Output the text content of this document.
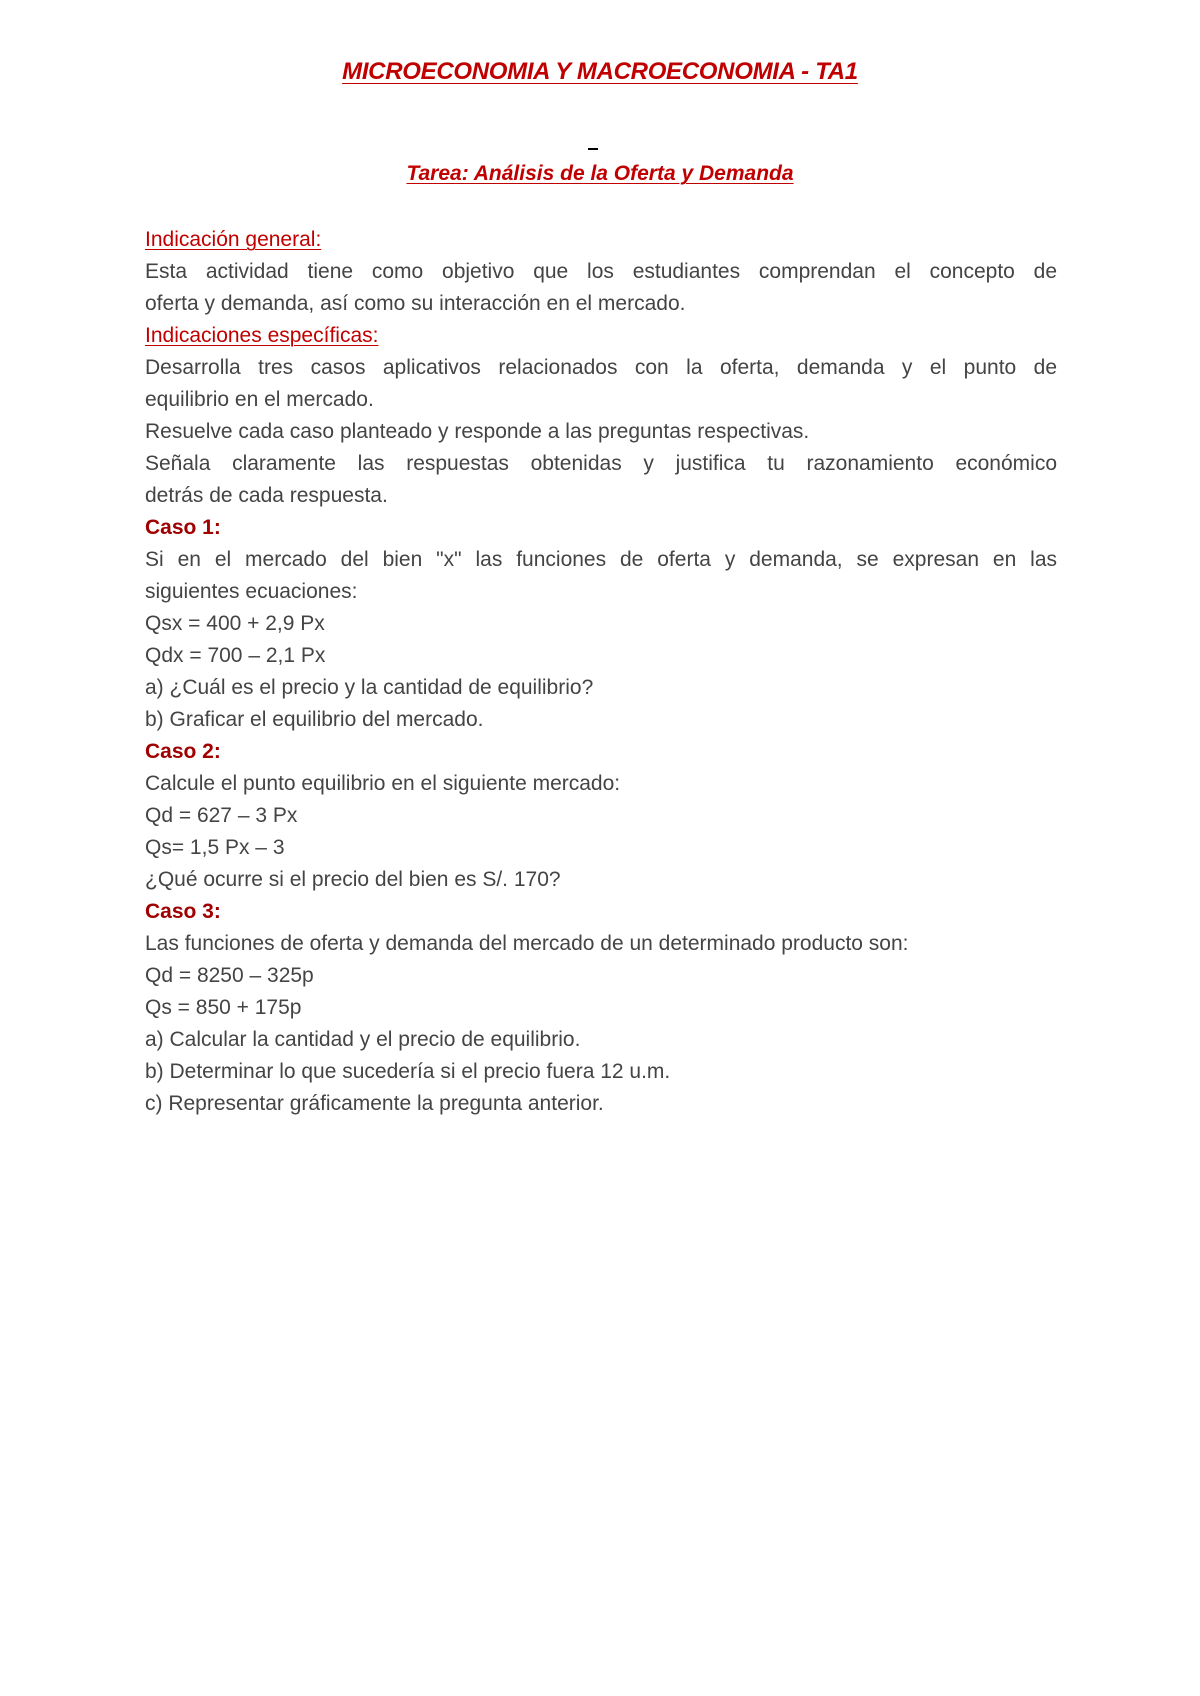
MICROECONOMIA Y MACROECONOMIA - TA1
Tarea: Análisis de la Oferta y Demanda
Indicación general:
Esta actividad tiene como objetivo que los estudiantes comprendan el concepto de
oferta y demanda, así como su interacción en el mercado.
Indicaciones específicas:
Desarrolla tres casos aplicativos relacionados con la oferta, demanda y el punto de
equilibrio en el mercado.
Resuelve cada caso planteado y responde a las preguntas respectivas.
Señala claramente las respuestas obtenidas y justifica tu razonamiento económico
detrás de cada respuesta.
Caso 1:
Si en el mercado del bien "x" las funciones de oferta y demanda, se expresan en las
siguientes ecuaciones:
Qsx = 400 + 2,9 Px
Qdx = 700 – 2,1 Px
a) ¿Cuál es el precio y la cantidad de equilibrio?
b) Graficar el equilibrio del mercado.
Caso 2:
Calcule el punto equilibrio en el siguiente mercado:
Qd = 627 – 3 Px
Qs= 1,5 Px – 3
¿Qué ocurre si el precio del bien es S/. 170?
Caso 3:
Las funciones de oferta y demanda del mercado de un determinado producto son:
Qd = 8250 – 325p
Qs = 850 + 175p
a) Calcular la cantidad y el precio de equilibrio.
b) Determinar lo que sucedería si el precio fuera 12 u.m.
c) Representar gráficamente la pregunta anterior.
